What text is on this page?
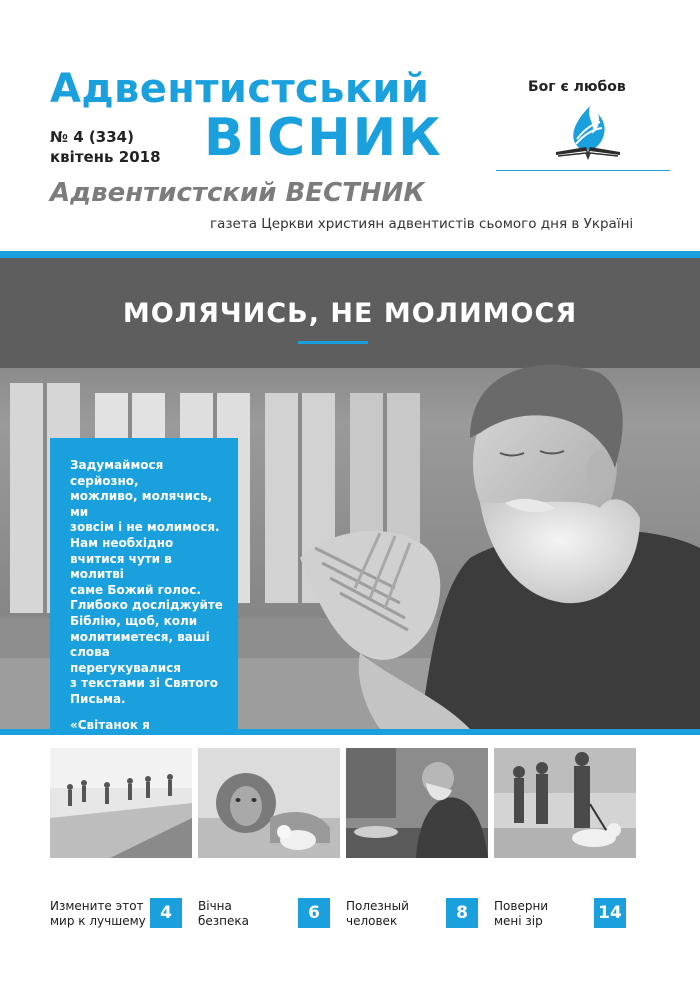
Адвентистський
ВІСНИК
№ 4 (334)
квітень 2018
Бог є любов
Адвентистский ВЕСТНИК
газета Церкви християн адвентистів сьомого дня в Україні
МОЛЯЧИСЬ, НЕ МОЛИМОСЯ
Задумаймося серйозно,
можливо, молячись, ми
зовсім і не молимося.
Нам необхідно
вчитися чути в молитві
саме Божий голос.
Глибоко досліджуйте
Біблію, щоб, коли
молитиметеся, ваші
слова перегукувалися
з текстами зі Святого
Письма.
«Світанок я випередив
Измените этот
мир к лучшему 4	Вічна
безпека	6	Полезный
человек	8	Поверни
мені зір	14
